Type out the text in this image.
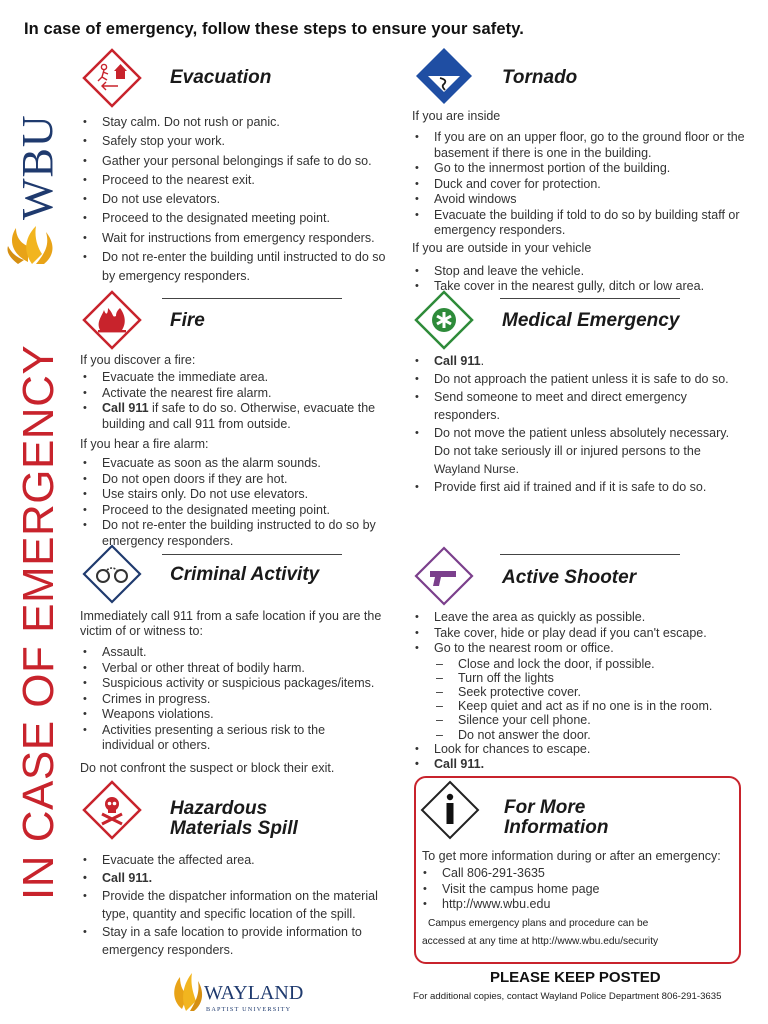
In case of emergency, follow these steps to ensure your safety.
WBU
IN CASE OF EMERGENCY
Evacuation
• Stay calm. Do not rush or panic.
• Safely stop your work.
• Gather your personal belongings if safe to do so.
• Proceed to the nearest exit.
• Do not use elevators.
• Proceed to the designated meeting point.
• Wait for instructions from emergency responders.
• Do not re-enter the building until instructed to do so by emergency responders.
Tornado
If you are inside
• If you are on an upper floor, go to the ground floor or the basement if there is one in the building.
• Go to the innermost portion of the building.
• Duck and cover for protection.
• Avoid windows
• Evacuate the building if told to do so by building staff or emergency responders.
If you are outside in your vehicle
• Stop and leave the vehicle.
• Take cover in the nearest gully, ditch or low area.
Fire
If you discover a fire:
• Evacuate the immediate area.
• Activate the nearest fire alarm.
• Call 911 if safe to do so. Otherwise, evacuate the building and call 911 from outside.
If you hear a fire alarm:
• Evacuate as soon as the alarm sounds.
• Do not open doors if they are hot.
• Use stairs only. Do not use elevators.
• Proceed to the designated meeting point.
• Do not re-enter the building instructed to do so by emergency responders.
Medical Emergency
• Call 911.
• Do not approach the patient unless it is safe to do so.
• Send someone to meet and direct emergency responders.
• Do not move the patient unless absolutely necessary.
Do not take seriously ill or injured persons to the
Wayland Nurse.
• Provide first aid if trained and if it is safe to do so.
Criminal Activity
Immediately call 911 from a safe location if you are the victim of or witness to:
• Assault.
• Verbal or other threat of bodily harm.
• Suspicious activity or suspicious packages/items.
• Crimes in progress.
• Weapons violations.
• Activities presenting a serious risk to the individual or others.
Do not confront the suspect or block their exit.
Active Shooter
• Leave the area as quickly as possible.
• Take cover, hide or play dead if you can't escape.
• Go to the nearest room or office.
– Close and lock the door, if possible.
– Turn off the lights
– Seek protective cover.
– Keep quiet and act as if no one is in the room.
– Silence your cell phone.
– Do not answer the door.
• Look for chances to escape.
• Call 911.
Hazardous
Materials Spill
• Evacuate the affected area.
• Call 911.
• Provide the dispatcher information on the material type, quantity and specific location of the spill.
• Stay in a safe location to provide information to emergency responders.
For More
Information
To get more information during or after an emergency:
• Call 806-291-3635
• Visit the campus home page
• http://www.wbu.edu
Campus emergency plans and procedure can be
accessed at any time at http://www.wbu.edu/security
PLEASE KEEP POSTED
For additional copies, contact Wayland Police Department 806-291-3635
WAYLAND
BAPTIST UNIVERSITY
